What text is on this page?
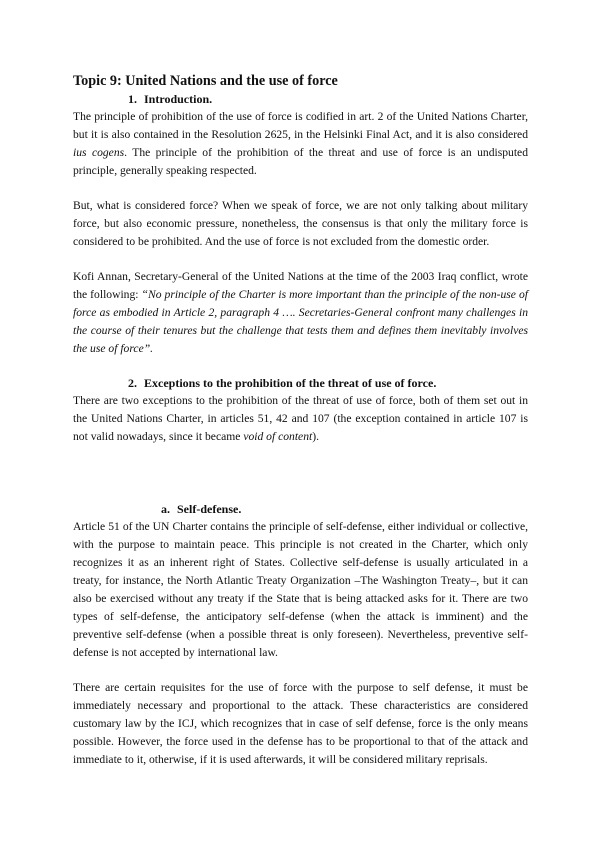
Topic 9: United Nations and the use of force
1. Introduction.

The principle of prohibition of the use of force is codified in art. 2 of the United Nations Charter, but it is also contained in the Resolution 2625, in the Helsinki Final Act, and it is also considered ius cogens. The principle of the prohibition of the threat and use of force is an undisputed principle, generally speaking respected.

But, what is considered force? When we speak of force, we are not only talking about military force, but also economic pressure, nonetheless, the consensus is that only the military force is considered to be prohibited. And the use of force is not excluded from the domestic order.

Kofi Annan, Secretary-General of the United Nations at the time of the 2003 Iraq conflict, wrote the following: “No principle of the Charter is more important than the principle of the non-use of force as embodied in Article 2, paragraph 4 …. Secretaries-General confront many challenges in the course of their tenures but the challenge that tests them and defines them inevitably involves the use of force”.

2. Exceptions to the prohibition of the threat of use of force.

There are two exceptions to the prohibition of the threat of use of force, both of them set out in the United Nations Charter, in articles 51, 42 and 107 (the exception contained in article 107 is not valid nowadays, since it became void of content).

a. Self-defense.

Article 51 of the UN Charter contains the principle of self-defense, either individual or collective, with the purpose to maintain peace. This principle is not created in the Charter, which only recognizes it as an inherent right of States. Collective self-defense is usually articulated in a treaty, for instance, the North Atlantic Treaty Organization –The Washington Treaty–, but it can also be exercised without any treaty if the State that is being attacked asks for it. There are two types of self-defense, the anticipatory self-defense (when the attack is imminent) and the preventive self-defense (when a possible threat is only foreseen). Nevertheless, preventive self-defense is not accepted by international law.

There are certain requisites for the use of force with the purpose to self defense, it must be immediately necessary and proportional to the attack. These characteristics are considered customary law by the ICJ, which recognizes that in case of self defense, force is the only means possible. However, the force used in the defense has to be proportional to that of the attack and immediate to it, otherwise, if it is used afterwards, it will be considered military reprisals.
